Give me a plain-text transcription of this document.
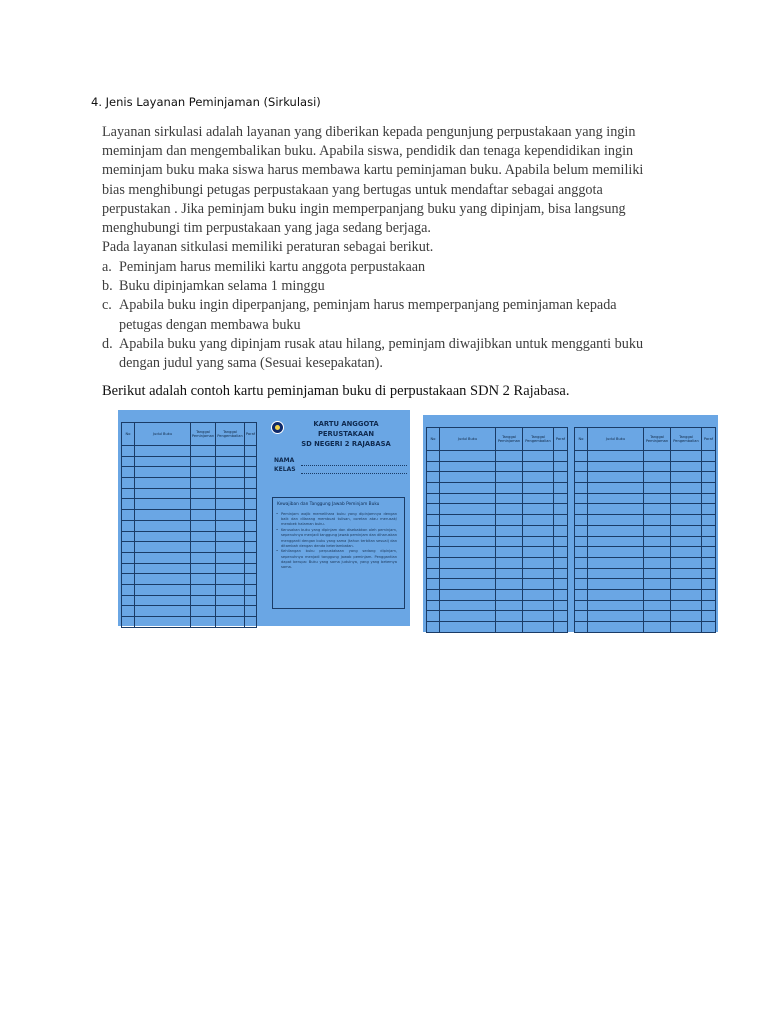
4. Jenis Layanan Peminjaman (Sirkulasi)
Layanan sirkulasi adalah layanan yang diberikan kepada pengunjung perpustakaan yang ingin
meminjam dan mengembalikan buku. Apabila siswa, pendidik dan tenaga kependidikan ingin
meminjam buku maka siswa harus membawa kartu peminjaman buku. Apabila belum memiliki
bias menghibungi petugas perpustakaan yang bertugas untuk mendaftar sebagai anggota
perpustakan . Jika peminjam buku ingin memperpanjang buku yang dipinjam, bisa langsung
menghubungi tim perpustakaan yang jaga sedang berjaga.
Pada layanan sitkulasi memiliki peraturan sebagai berikut.
a. Peminjam harus memiliki kartu anggota perpustakaan
b. Buku dipinjamkan selama 1 minggu
c. Apabila buku ingin diperpanjang, peminjam harus memperpanjang peminjaman kepada
petugas dengan membawa buku
d. Apabila buku yang dipinjam rusak atau hilang, peminjam diwajibkan untuk mengganti buku
dengan judul yang sama (Sesuai kesepakatan).
Berikut adalah contoh kartu peminjaman buku di perpustakaan SDN 2 Rajabasa.
No	Judul Buku	Tanggal Peminjaman	Tanggal Pengembalian	Paraf

KARTU ANGGOTA PERUSTAKAAN
SD NEGERI 2 RAJABASA
NAMA
KELAS
Kewajiban dan Tanggung Jawab Peminjam Buku
• Peminjam wajib memelihara buku yang dipinjamnya dengan baik dan dilarang membuat tulisan, coretan atau merusak/ merobek halaman buku.
• Kerusakan buku yang dipinjam dan disebabkan oleh peminjam, sepenuhnya menjadi tanggung jawab peminjam dan diharuskan mengganti dengan buku yang sama (tahun terbitan sesuai) dan ditambah dengan denda keterlambatan.
• Kehilangan buku perpustakaan yang sedang dipinjam, sepenuhnya menjadi tanggung jawab peminjam. Penggantian dapat berupa: Buku yang sama judulnya, yang yang betemya sama.
No	Judul Buku	Tanggal Peminjaman	Tanggal Pengembalian	Paraf

					No	Judul Buku	Tanggal Peminjaman	Tanggal Pengembalian	Paraf
